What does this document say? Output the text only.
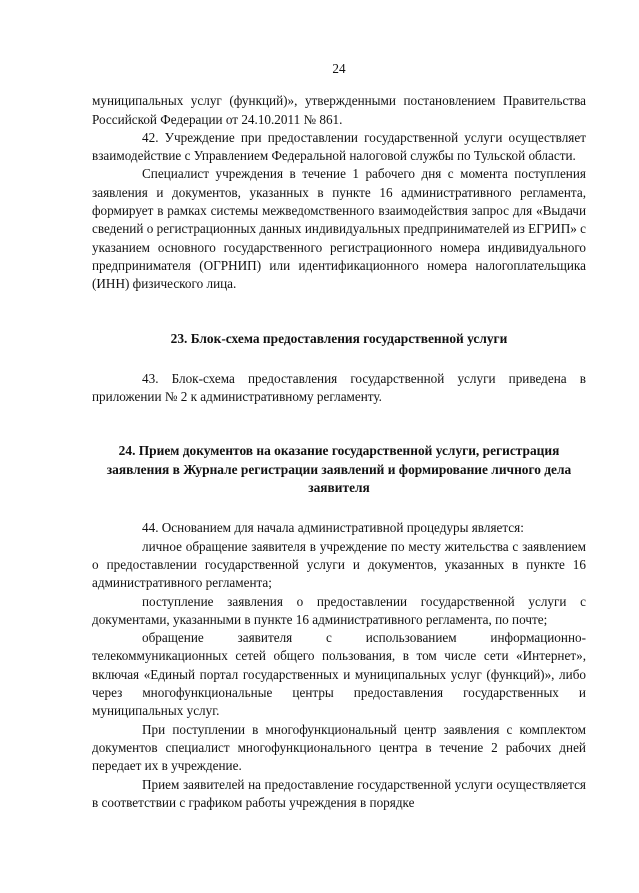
24

муниципальных услуг (функций)», утвержденными постановлением Правительства Российской Федерации от 24.10.2011 № 861.

42. Учреждение при предоставлении государственной услуги осуществляет взаимодействие с Управлением Федеральной налоговой службы по Тульской области.

Специалист учреждения в течение 1 рабочего дня с момента поступления заявления и документов, указанных в пункте 16 административного регламента, формирует в рамках системы межведомственного взаимодействия запрос для «Выдачи сведений о регистрационных данных индивидуальных предпринимателей из ЕГРИП» с указанием основного государственного регистрационного номера индивидуального предпринимателя (ОГРНИП) или идентификационного номера налогоплательщика (ИНН) физического лица.

23. Блок-схема предоставления государственной услуги

43. Блок-схема предоставления государственной услуги приведена в приложении № 2 к административному регламенту.

24. Прием документов на оказание государственной услуги, регистрация заявления в Журнале регистрации заявлений и формирование личного дела заявителя

44. Основанием для начала административной процедуры является:

личное обращение заявителя в учреждение по месту жительства с заявлением о предоставлении государственной услуги и документов, указанных в пункте 16 административного регламента;

поступление заявления о предоставлении государственной услуги с документами, указанными в пункте 16 административного регламента, по почте;

обращение заявителя с использованием информационно-телекоммуникационных сетей общего пользования, в том числе сети «Интернет», включая «Единый портал государственных и муниципальных услуг (функций)», либо через многофункциональные центры предоставления государственных и муниципальных услуг.

При поступлении в многофункциональный центр заявления с комплектом документов специалист многофункционального центра в течение 2 рабочих дней передает их в учреждение.

Прием заявителей на предоставление государственной услуги осуществляется в соответствии с графиком работы учреждения в порядке
